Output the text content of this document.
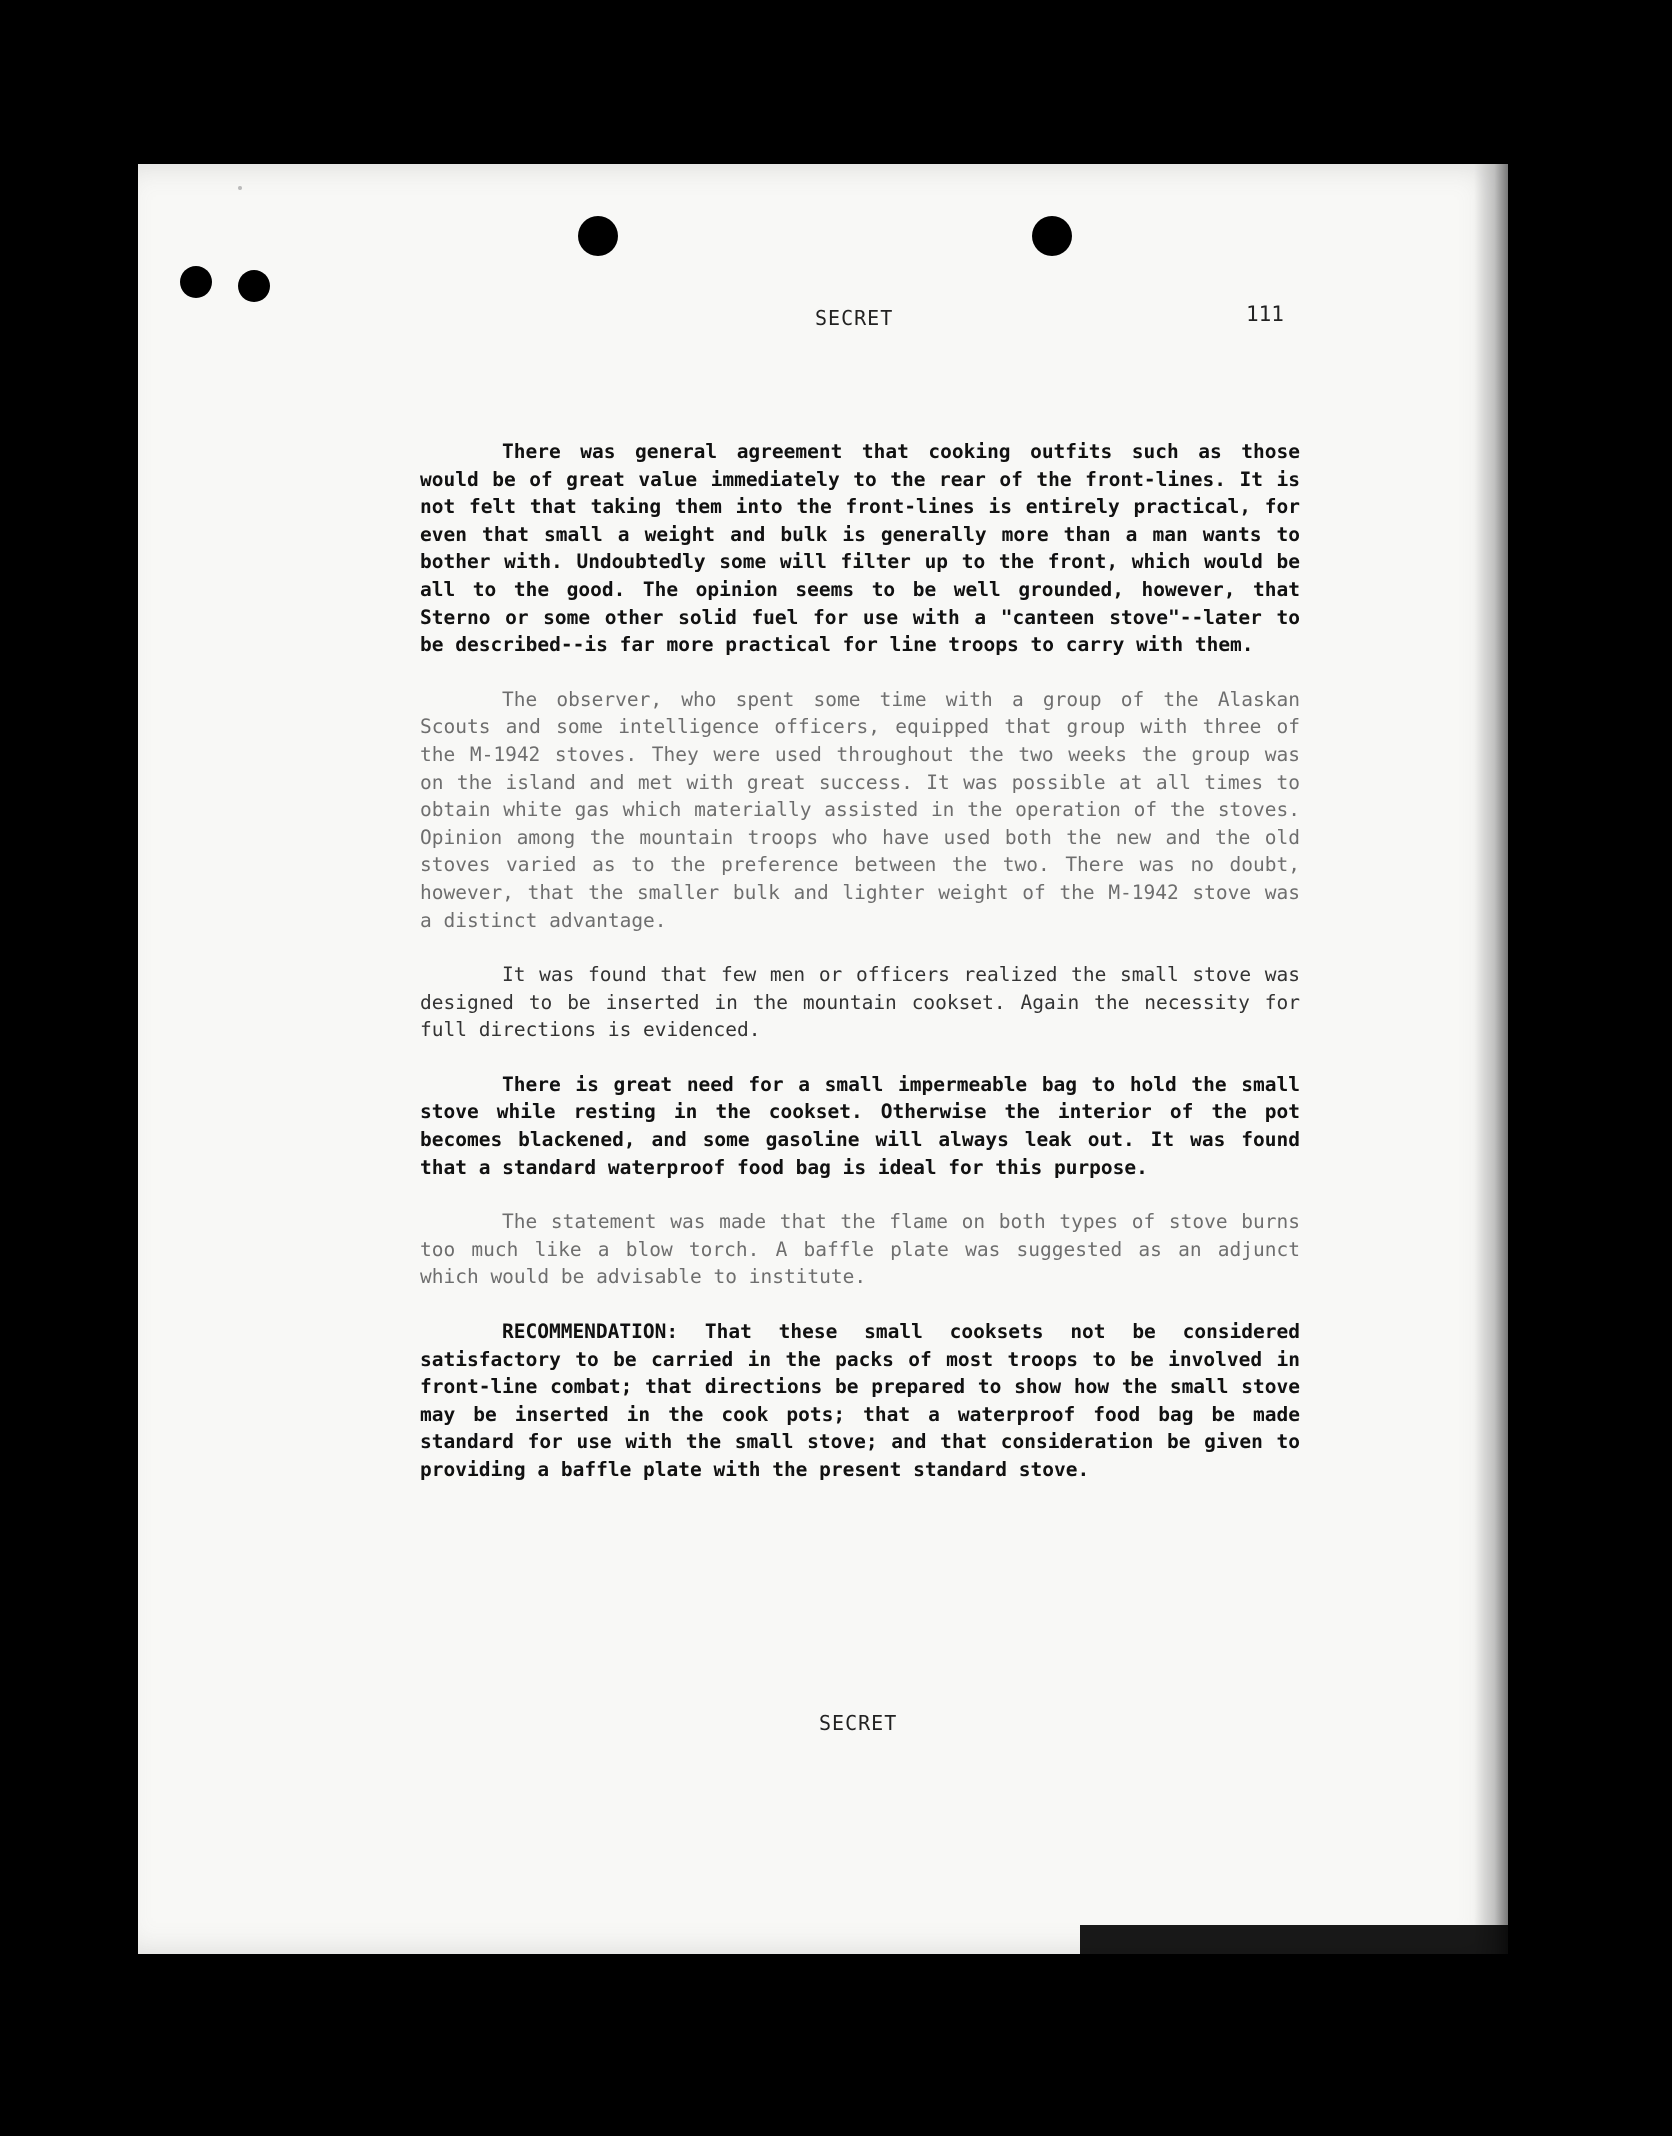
SECRET	111

There was general agreement that cooking outfits such as those would be of great value immediately to the rear of the front-lines. It is not felt that taking them into the front-lines is entirely practical, for even that small a weight and bulk is generally more than a man wants to bother with. Undoubtedly some will filter up to the front, which would be all to the good. The opinion seems to be well grounded, however, that Sterno or some other solid fuel for use with a "canteen stove"--later to be described--is far more practical for line troops to carry with them.

The observer, who spent some time with a group of the Alaskan Scouts and some intelligence officers, equipped that group with three of the M-1942 stoves. They were used throughout the two weeks the group was on the island and met with great success. It was possible at all times to obtain white gas which materially assisted in the operation of the stoves. Opinion among the mountain troops who have used both the new and the old stoves varied as to the preference between the two. There was no doubt, however, that the smaller bulk and lighter weight of the M-1942 stove was a distinct advantage.

It was found that few men or officers realized the small stove was designed to be inserted in the mountain cookset. Again the necessity for full directions is evidenced.

There is great need for a small impermeable bag to hold the small stove while resting in the cookset. Otherwise the interior of the pot becomes blackened, and some gasoline will always leak out. It was found that a standard waterproof food bag is ideal for this purpose.

The statement was made that the flame on both types of stove burns too much like a blow torch. A baffle plate was suggested as an adjunct which would be advisable to institute.

RECOMMENDATION: That these small cooksets not be considered satisfactory to be carried in the packs of most troops to be involved in front-line combat; that directions be prepared to show how the small stove may be inserted in the cook pots; that a waterproof food bag be made standard for use with the small stove; and that consideration be given to providing a baffle plate with the present standard stove.

SECRET
